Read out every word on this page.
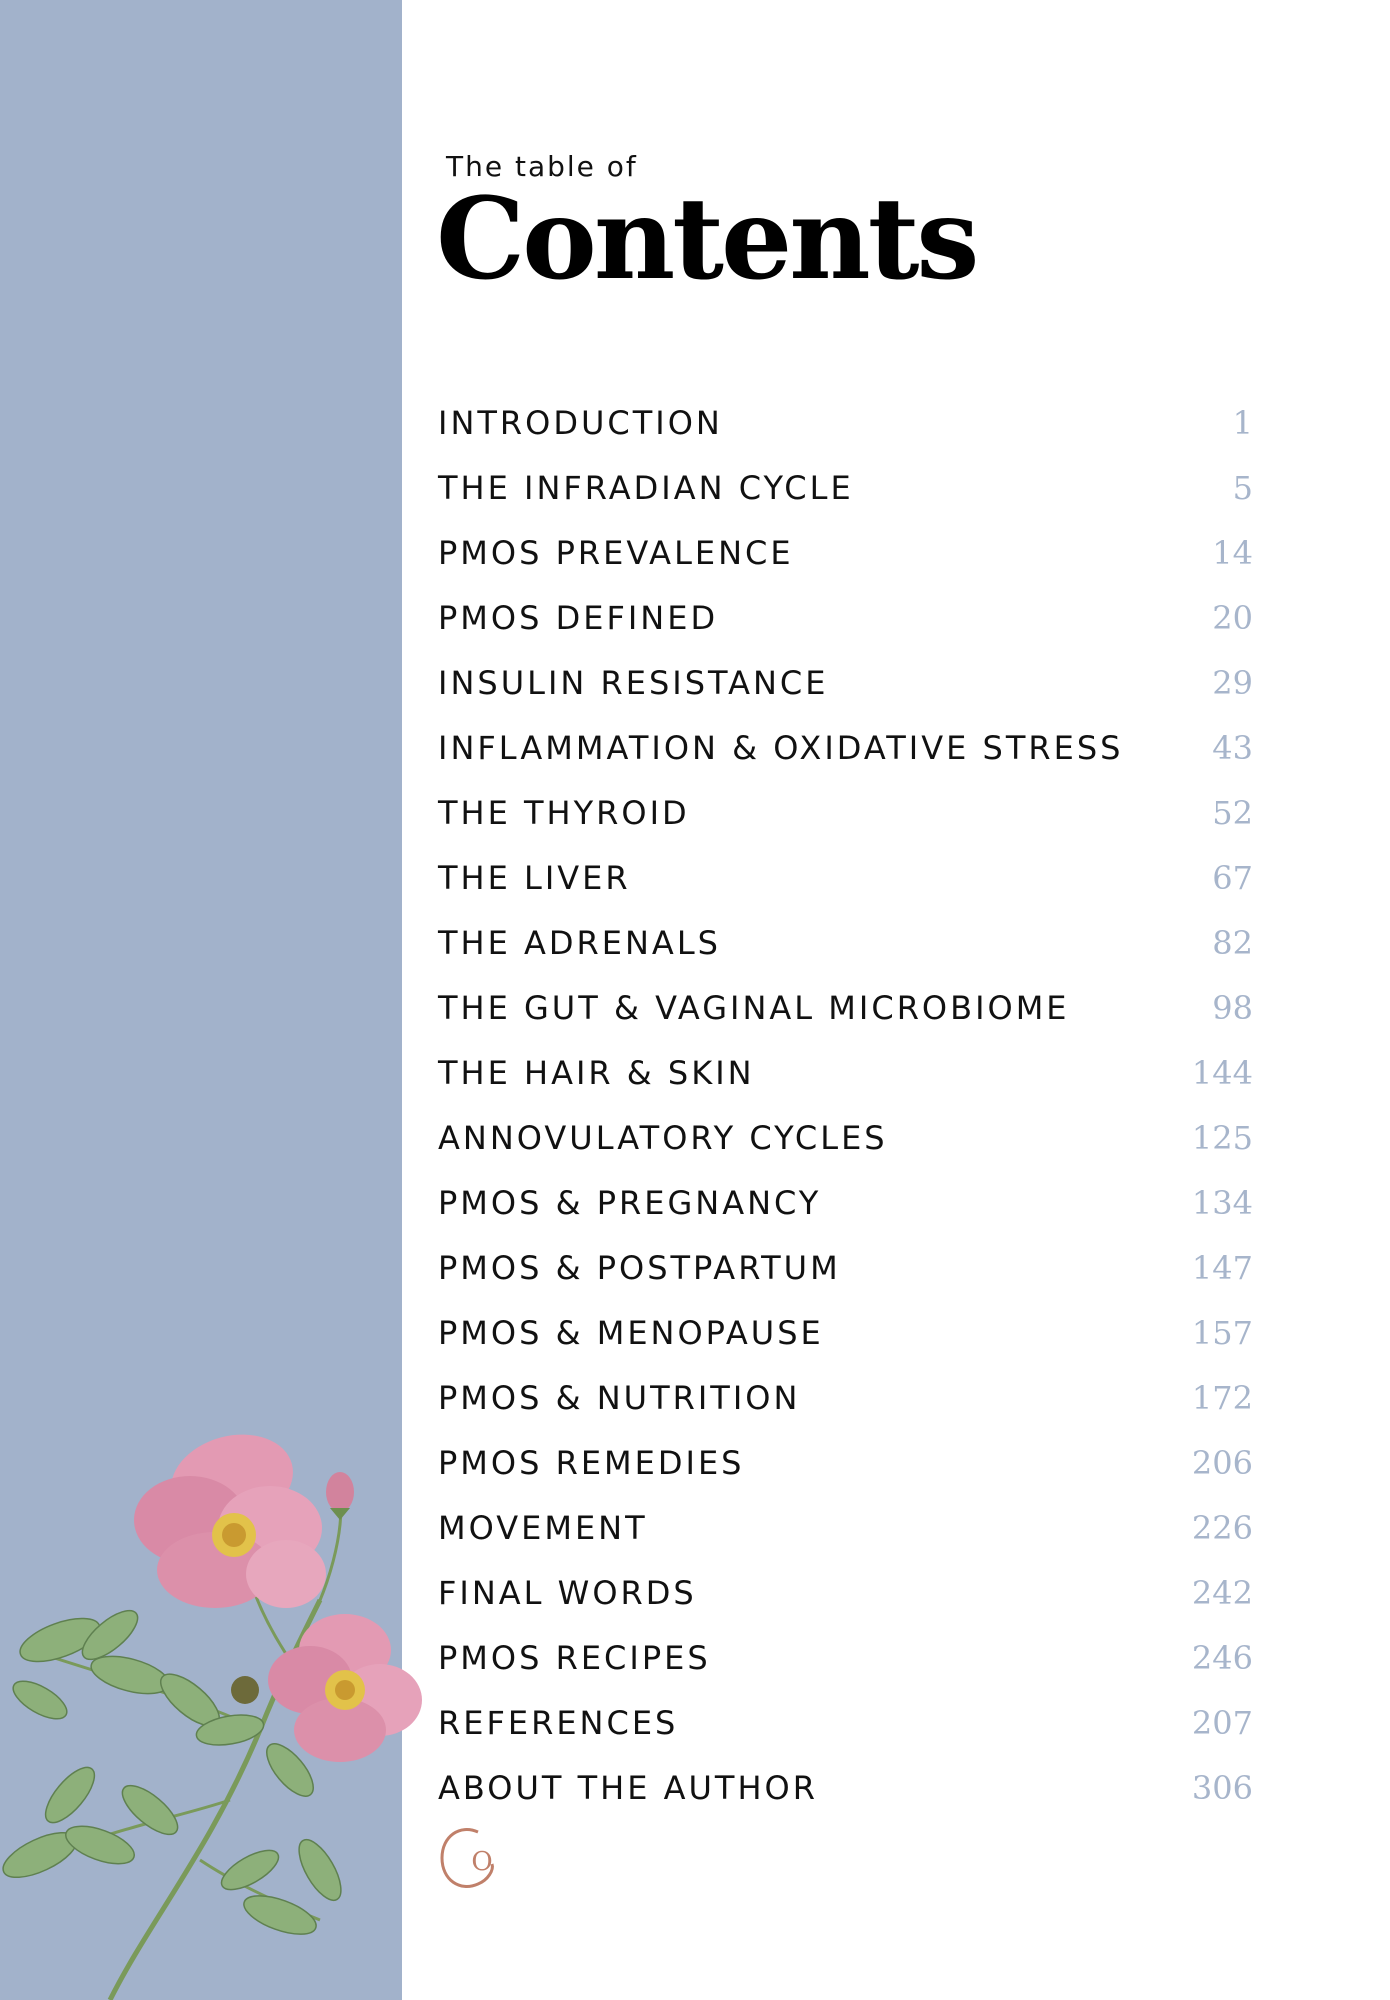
The table of
Contents
INTRODUCTION	1
THE INFRADIAN CYCLE	5
PMOS PREVALENCE	14
PMOS DEFINED	20
INSULIN RESISTANCE	29
INFLAMMATION & OXIDATIVE STRESS	43
THE THYROID	52
THE LIVER	67
THE ADRENALS	82
THE GUT & VAGINAL MICROBIOME	98
THE HAIR & SKIN	144
ANNOVULATORY CYCLES	125
PMOS & PREGNANCY	134
PMOS & POSTPARTUM	147
PMOS & MENOPAUSE	157
PMOS & NUTRITION	172
PMOS REMEDIES	206
MOVEMENT	226
FINAL WORDS	242
PMOS RECIPES	246
REFERENCES	207
ABOUT THE AUTHOR	306
O
